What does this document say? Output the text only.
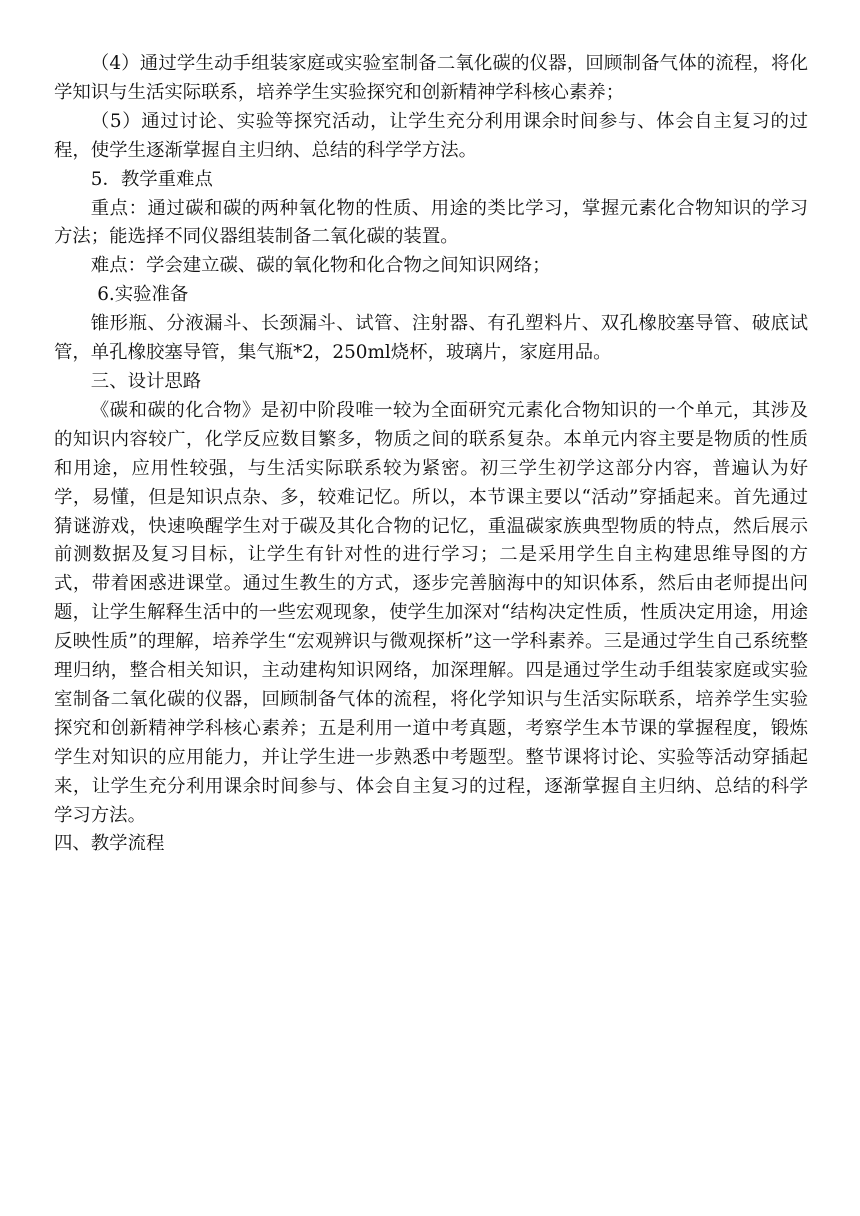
（4）通过学生动手组装家庭或实验室制备二氧化碳的仪器，回顾制备气体的流程，将化学知识与生活实际联系，培养学生实验探究和创新精神学科核心素养；

（5）通过讨论、实验等探究活动，让学生充分利用课余时间参与、体会自主复习的过程，使学生逐渐掌握自主归纳、总结的科学学方法。

5．教学重难点

重点：通过碳和碳的两种氧化物的性质、用途的类比学习，掌握元素化合物知识的学习方法；能选择不同仪器组装制备二氧化碳的装置。

难点：学会建立碳、碳的氧化物和化合物之间知识网络；

6.实验准备

锥形瓶、分液漏斗、长颈漏斗、试管、注射器、有孔塑料片、双孔橡胶塞导管、破底试管，单孔橡胶塞导管，集气瓶*2，250ml烧杯，玻璃片，家庭用品。

三、设计思路

《碳和碳的化合物》是初中阶段唯一较为全面研究元素化合物知识的一个单元，其涉及的知识内容较广，化学反应数目繁多，物质之间的联系复杂。本单元内容主要是物质的性质和用途，应用性较强，与生活实际联系较为紧密。初三学生初学这部分内容，普遍认为好学，易懂，但是知识点杂、多，较难记忆。所以，本节课主要以“活动”穿插起来。首先通过猜谜游戏，快速唤醒学生对于碳及其化合物的记忆，重温碳家族典型物质的特点，然后展示前测数据及复习目标，让学生有针对性的进行学习；二是采用学生自主构建思维导图的方式，带着困惑进课堂。通过生教生的方式，逐步完善脑海中的知识体系，然后由老师提出问题，让学生解释生活中的一些宏观现象，使学生加深对“结构决定性质，性质决定用途，用途反映性质”的理解，培养学生“宏观辨识与微观探析”这一学科素养。三是通过学生自己系统整理归纳，整合相关知识，主动建构知识网络，加深理解。四是通过学生动手组装家庭或实验室制备二氧化碳的仪器，回顾制备气体的流程，将化学知识与生活实际联系，培养学生实验探究和创新精神学科核心素养；五是利用一道中考真题，考察学生本节课的掌握程度，锻炼学生对知识的应用能力，并让学生进一步熟悉中考题型。整节课将讨论、实验等活动穿插起来，让学生充分利用课余时间参与、体会自主复习的过程，逐渐掌握自主归纳、总结的科学学习方法。

四、教学流程
